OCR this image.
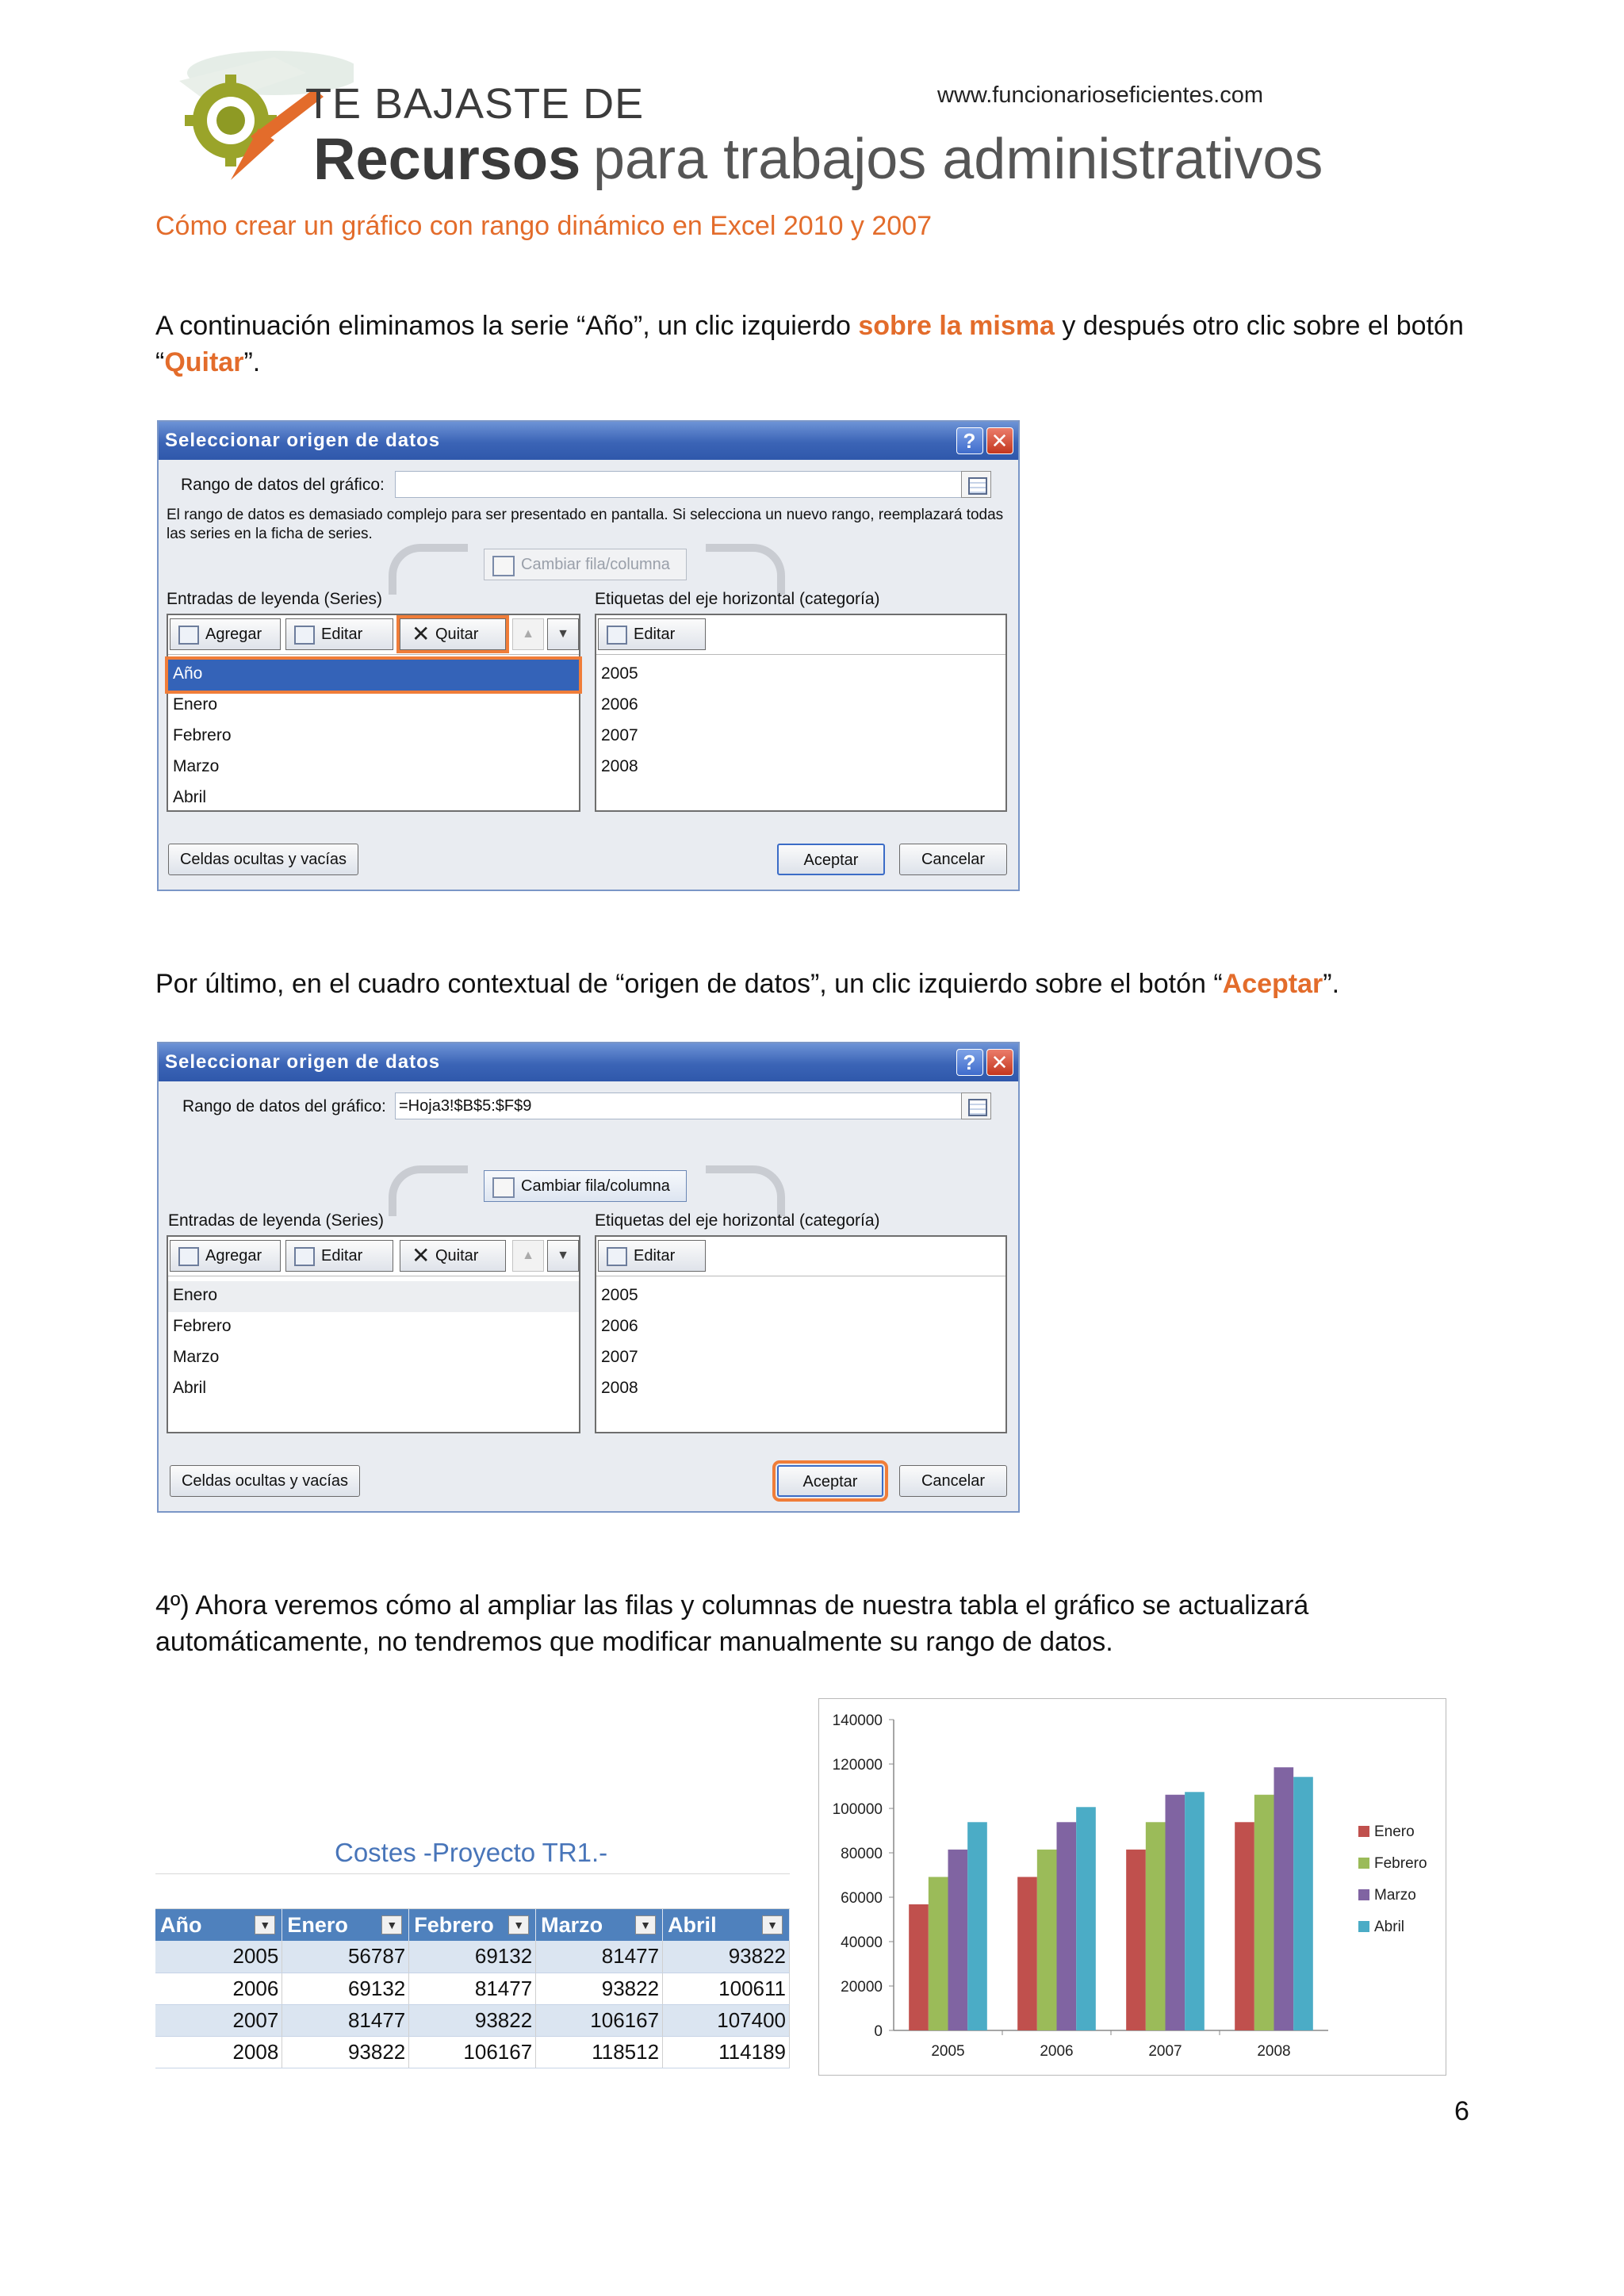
TE BAJASTE DE
Recursos para trabajos administrativos
www.funcionarioseficientes.com
Cómo crear un gráfico con rango dinámico en Excel 2010 y 2007
A continuación eliminamos la serie “Año”, un clic izquierdo sobre la misma y después otro clic sobre el botón “Quitar”.
Seleccionar origen de datos	? ✕
Rango de datos del gráfico:
El rango de datos es demasiado complejo para ser presentado en pantalla. Si selecciona un nuevo rango, reemplazará todas las series en la ficha de series.
Cambiar fila/columna
Entradas de leyenda (Series)	Etiquetas del eje horizontal (categoría)
Agregar	Editar	✕ Quitar	▲	▼
Año
Enero
Febrero
Marzo
Abril
Editar
2005
2006
2007
2008
Celdas ocultas y vacías	Aceptar	Cancelar
Por último, en el cuadro contextual de “origen de datos”, un clic izquierdo sobre el botón “Aceptar”.
Seleccionar origen de datos	? ✕
Rango de datos del gráfico: =Hoja3!$B$5:$F$9
Cambiar fila/columna
Entradas de leyenda (Series)	Etiquetas del eje horizontal (categoría)
Agregar	Editar	✕ Quitar	▲	▼
Enero
Febrero
Marzo
Abril
Editar
2005
2006
2007
2008
Celdas ocultas y vacías	Aceptar	Cancelar
4º) Ahora veremos cómo al ampliar las filas y columnas de nuestra tabla el gráfico se actualizará automáticamente, no tendremos que modificar manualmente su rango de datos.
Costes -Proyecto TR1.-
Año ▼	Enero ▼	Febrero ▼	Marzo ▼	Abril ▼

2005	56787	69132	81477	93822
2006	69132	81477	93822	100611
2007	81477	93822	106167	107400
2008	93822	106167	118512	114189
0
20000
40000
60000
80000
100000
120000
140000
2005	2006	2007	2008
Enero
Febrero
Marzo
Abril
6
